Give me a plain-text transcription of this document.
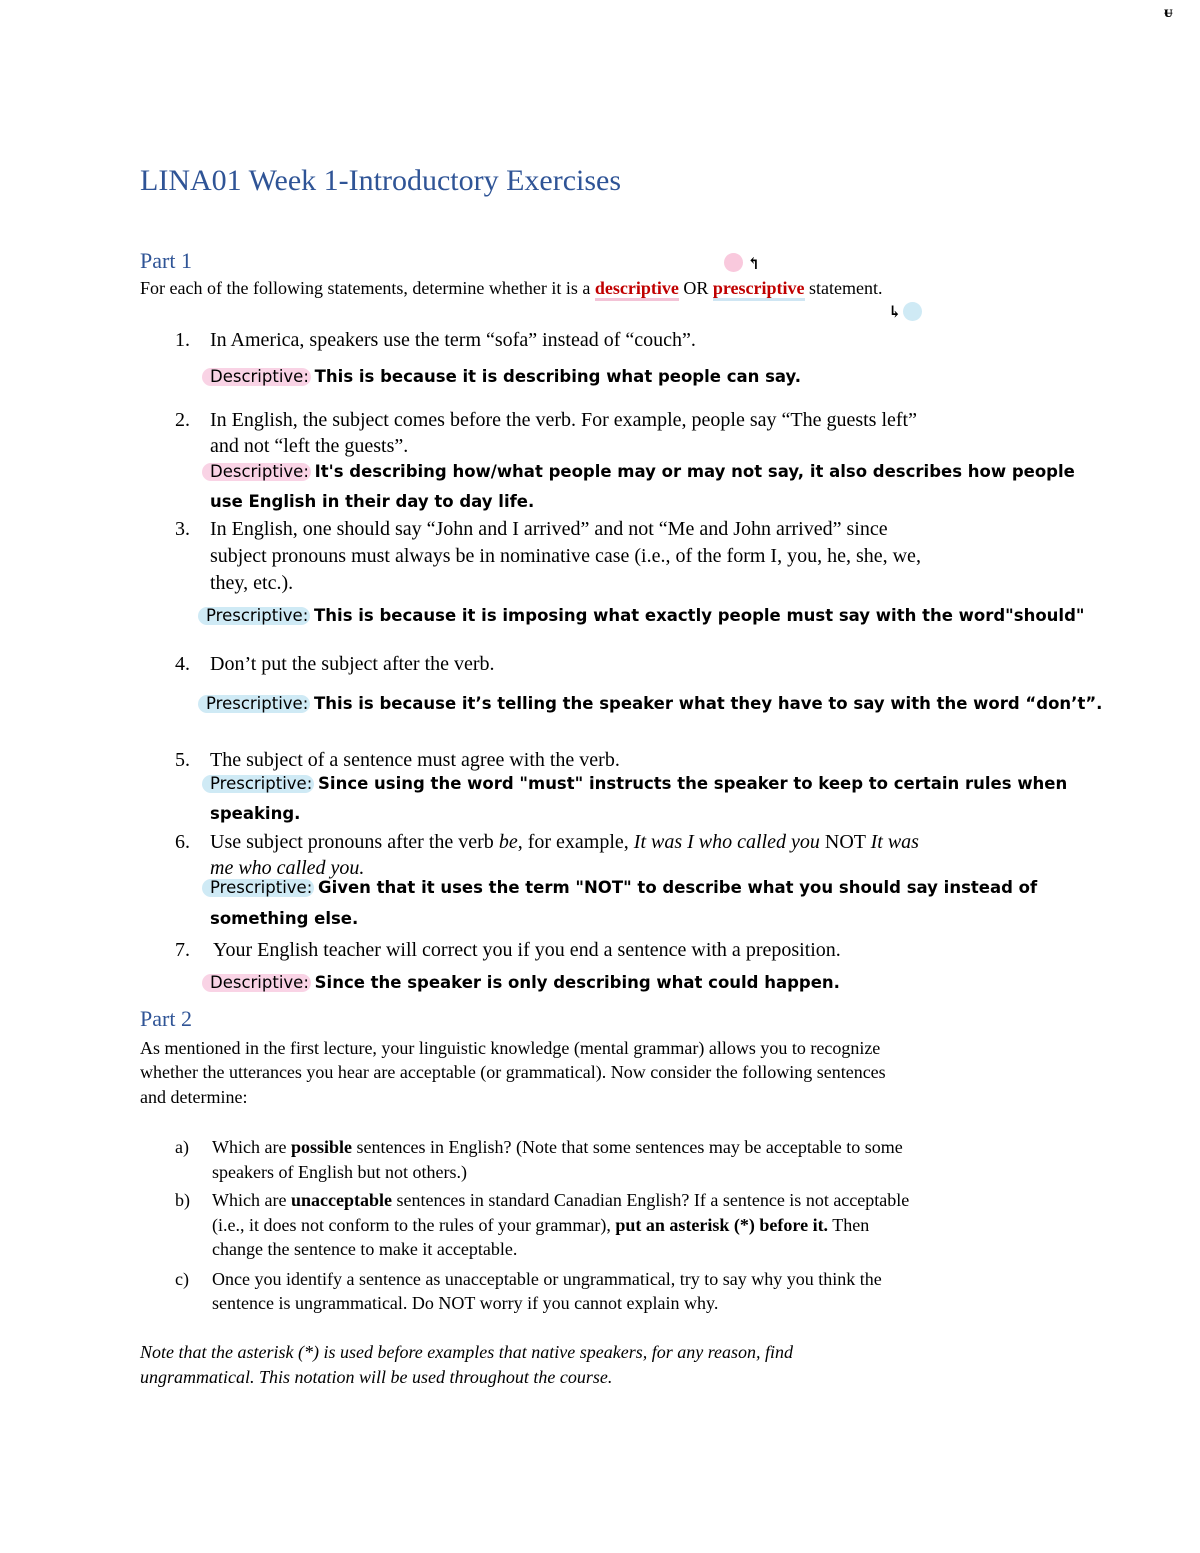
ᵾ
LINA01 Week 1-Introductory Exercises
Part 1	↰
↳
For each of the following statements, determine whether it is a descriptive OR prescriptive statement.
1. In America, speakers use the term “sofa” instead of “couch”.
Descriptive: This is because it is describing what people can say.
2. In English, the subject comes before the verb. For example, people say “The guests left”
and not “left the guests”.
Descriptive: It's describing how/what people may or may not say, it also describes how people
use English in their day to day life.
3. In English, one should say “John and I arrived” and not “Me and John arrived” since
subject pronouns must always be in nominative case (i.e., of the form I, you, he, she, we,
they, etc.).
Prescriptive: This is because it is imposing what exactly people must say with the word"should"
4. Don’t put the subject after the verb.
Prescriptive: This is because it’s telling the speaker what they have to say with the word “don’t”.
5. The subject of a sentence must agree with the verb.
Prescriptive: Since using the word "must" instructs the speaker to keep to certain rules when
speaking.
6. Use subject pronouns after the verb be, for example, It was I who called you NOT It was
me who called you.
Prescriptive: Given that it uses the term "NOT" to describe what you should say instead of
something else.
7. Your English teacher will correct you if you end a sentence with a preposition.
Descriptive: Since the speaker is only describing what could happen.
Part 2
As mentioned in the first lecture, your linguistic knowledge (mental grammar) allows you to recognize
whether the utterances you hear are acceptable (or grammatical). Now consider the following sentences
and determine:
a) Which are possible sentences in English? (Note that some sentences may be acceptable to some
speakers of English but not others.)
b) Which are unacceptable sentences in standard Canadian English? If a sentence is not acceptable
(i.e., it does not conform to the rules of your grammar), put an asterisk (*) before it. Then
change the sentence to make it acceptable.
c) Once you identify a sentence as unacceptable or ungrammatical, try to say why you think the
sentence is ungrammatical. Do NOT worry if you cannot explain why.
Note that the asterisk (*) is used before examples that native speakers, for any reason, find
ungrammatical. This notation will be used throughout the course.
